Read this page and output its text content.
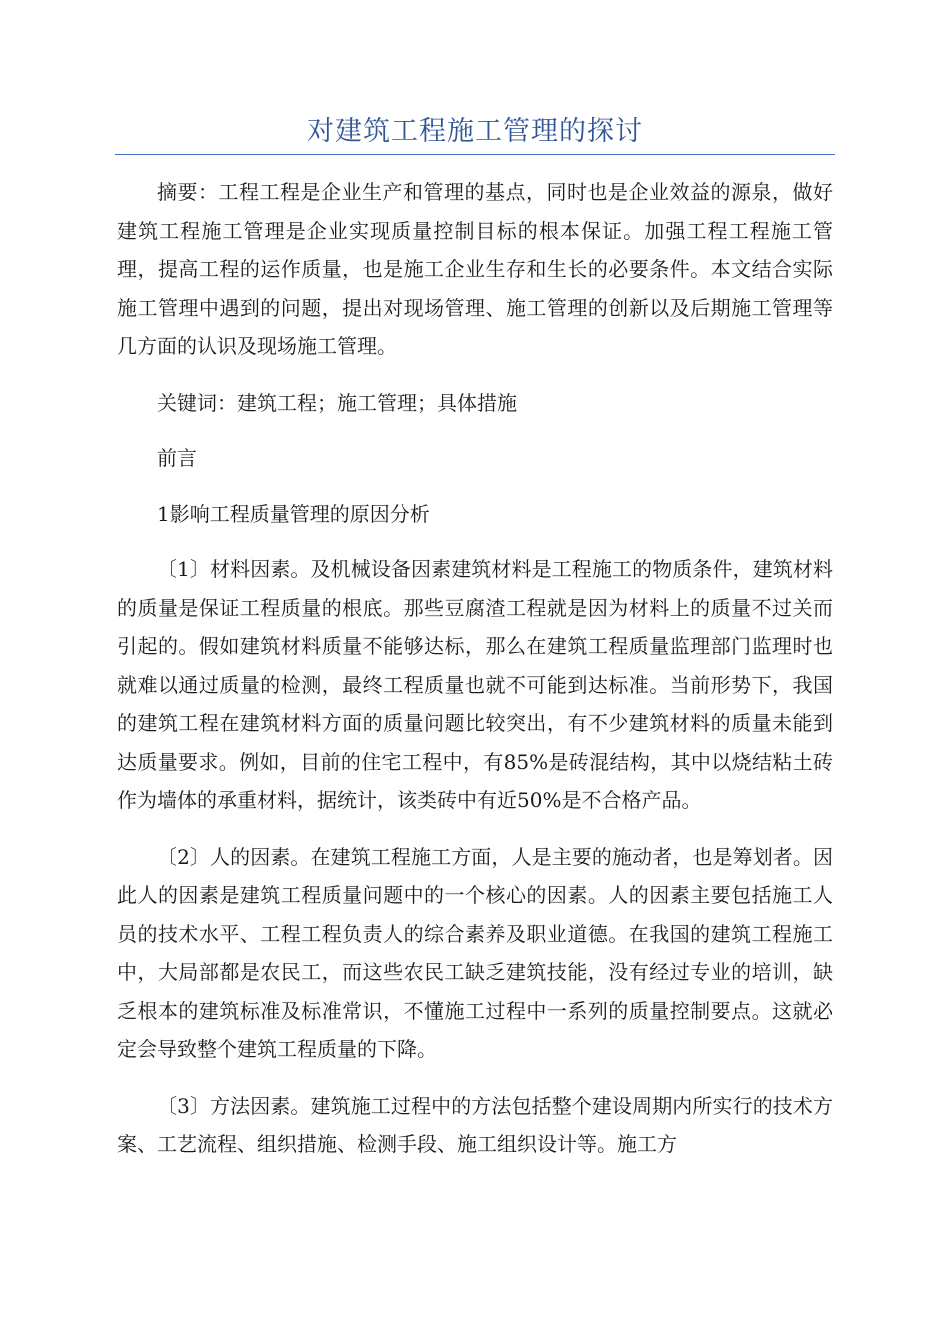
对建筑工程施工管理的探讨

摘要：工程工程是企业生产和管理的基点，同时也是企业效益的源泉，做好建筑工程施工管理是企业实现质量控制目标的根本保证。加强工程工程施工管理，提高工程的运作质量，也是施工企业生存和生长的必要条件。本文结合实际施工管理中遇到的问题，提出对现场管理、施工管理的创新以及后期施工管理等几方面的认识及现场施工管理。

关键词：建筑工程；施工管理；具体措施

前言

1影响工程质量管理的原因分析

〔1〕材料因素。及机械设备因素建筑材料是工程施工的物质条件，建筑材料的质量是保证工程质量的根底。那些豆腐渣工程就是因为材料上的质量不过关而引起的。假如建筑材料质量不能够达标，那么在建筑工程质量监理部门监理时也就难以通过质量的检测，最终工程质量也就不可能到达标准。当前形势下，我国的建筑工程在建筑材料方面的质量问题比较突出，有不少建筑材料的质量未能到达质量要求。例如，目前的住宅工程中，有85%是砖混结构，其中以烧结粘土砖作为墙体的承重材料，据统计，该类砖中有近50%是不合格产品。

〔2〕人的因素。在建筑工程施工方面，人是主要的施动者，也是筹划者。因此人的因素是建筑工程质量问题中的一个核心的因素。人的因素主要包括施工人员的技术水平、工程工程负责人的综合素养及职业道德。在我国的建筑工程施工中，大局部都是农民工，而这些农民工缺乏建筑技能，没有经过专业的培训，缺乏根本的建筑标准及标准常识，不懂施工过程中一系列的质量控制要点。这就必定会导致整个建筑工程质量的下降。

〔3〕方法因素。建筑施工过程中的方法包括整个建设周期内所实行的技术方案、工艺流程、组织措施、检测手段、施工组织设计等。施工方
